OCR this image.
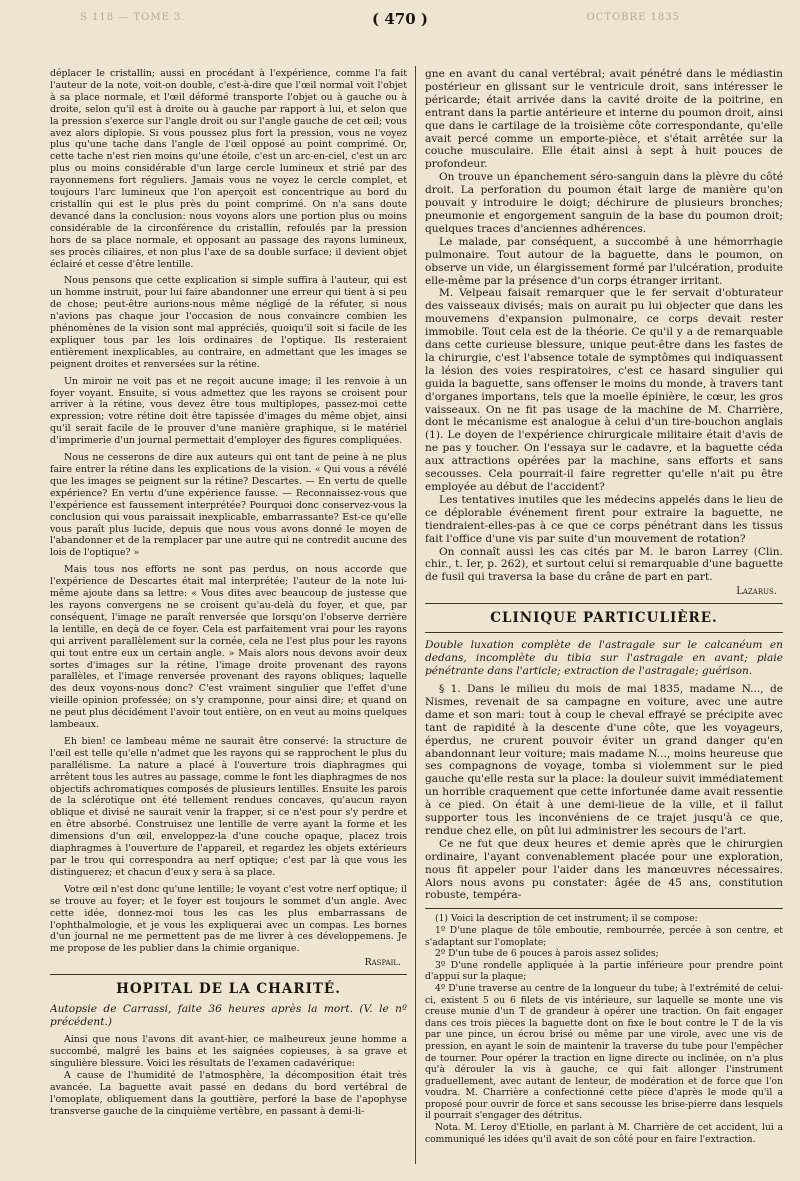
S 118 — TOME 3.	OCTOBRE 1835
( 470 )

déplacer le cristallin; aussi en procédant à l'expérience, comme l'a fait l'auteur de la note, voit-on double, c'est-à-dire que l'œil normal voit l'objet à sa place normale, et l'œil déformé transporte l'objet ou à gauche ou à droite, selon qu'il est à droite ou à gauche par rapport à lui, et selon que la pression s'exerce sur l'angle droit ou sur l'angle gauche de cet œil; vous avez alors diplopie. Si vous poussez plus fort la pression, vous ne voyez plus qu'une tache dans l'angle de l'œil opposé au point comprimé. Or, cette tache n'est rien moins qu'une étoile, c'est un arc-en-ciel, c'est un arc plus ou moins considérable d'un large cercle lumineux et strié par des rayonnemens fort réguliers. Jamais vous ne voyez le cercle complet, et toujours l'arc lumineux que l'on aperçoit est concentrique au bord du cristallin qui est le plus près du point comprimé. On n'a sans doute devancé dans la conclusion: nous voyons alors une portion plus ou moins considérable de la circonférence du cristallin, refoulés par la pression hors de sa place normale, et opposant au passage des rayons lumineux, ses procès ciliaires, et non plus l'axe de sa double surface; il devient objet éclairé et cesse d'être lentille.

Nous pensons que cette explication si simple suffira à l'auteur, qui est un homme instruit, pour lui faire abandonner une erreur qui tient à si peu de chose; peut-être aurions-nous même négligé de la réfuter, si nous n'avions pas chaque jour l'occasion de nous convaincre combien les phénomènes de la vision sont mal appréciés, quoiqu'il soit si facile de les expliquer tous par les lois ordinaires de l'optique. Ils resteraient entièrement inexplicables, au contraire, en admettant que les images se peignent droites et renversées sur la rétine.

Un miroir ne voit pas et ne reçoit aucune image; il les renvoie à un foyer voyant. Ensuite, si vous admettez que les rayons se croisent pour arriver à la rétine, vous devez être tous multiplopes, passez-moi cette expression; votre rétine doit être tapissée d'images du même objet, ainsi qu'il serait facile de le prouver d'une manière graphique, si le matériel d'imprimerie d'un journal permettait d'employer des figures compliquées.

Nous ne cesserons de dire aux auteurs qui ont tant de peine à ne plus faire entrer la rétine dans les explications de la vision. « Qui vous a révélé que les images se peignent sur la rétine? Descartes. — En vertu de quelle expérience? En vertu d'une expérience fausse. — Reconnaissez-vous que l'expérience est faussement interprétée? Pourquoi donc conservez-vous la conclusion qui vous paraissait inexplicable, embarrassante? Est-ce qu'elle vous paraît plus lucide, depuis que nous vous avons donné le moyen de l'abandonner et de la remplacer par une autre qui ne contredit aucune des lois de l'optique? »

Mais tous nos efforts ne sont pas perdus, on nous accorde que l'expérience de Descartes était mal interprétée; l'auteur de la note lui-même ajoute dans sa lettre: « Vous dites avec beaucoup de justesse que les rayons convergens ne se croisent qu'au-delà du foyer, et que, par conséquent, l'image ne paraît renversée que lorsqu'on l'observe derrière la lentille, en deçà de ce foyer. Cela est parfaitement vrai pour les rayons qui arrivent parallèlement sur la cornée, cela ne l'est plus pour les rayons qui tout entre eux un certain angle. » Mais alors nous devons avoir deux sortes d'images sur la rétine, l'image droite provenant des rayons parallèles, et l'image renversée provenant des rayons obliques; laquelle des deux voyons-nous donc? C'est vraiment singulier que l'effet d'une vieille opinion professée; on s'y cramponne, pour ainsi dire; et quand on ne peut plus décidément l'avoir tout entière, on en veut au moins quelques lambeaux.

Eh bien! ce lambeau même ne saurait être conservé: la structure de l'œil est telle qu'elle n'admet que les rayons qui se rapprochent le plus du parallélisme. La nature a placé à l'ouverture trois diaphragmes qui arrêtent tous les autres au passage, comme le font les diaphragmes de nos objectifs achromatiques composés de plusieurs lentilles. Ensuite les parois de la sclérotique ont été tellement rendues concaves, qu'aucun rayon oblique et divisé ne saurait venir la frapper, si ce n'est pour s'y perdre et en être absorbé. Construisez une lentille de verre ayant la forme et les dimensions d'un œil, enveloppez-la d'une couche opaque, placez trois diaphragmes à l'ouverture de l'appareil, et regardez les objets extérieurs par le trou qui correspondra au nerf optique; c'est par là que vous les distinguerez; et chacun d'eux y sera à sa place.

Votre œil n'est donc qu'une lentille; le voyant c'est votre nerf optique; il se trouve au foyer; et le foyer est toujours le sommet d'un angle. Avec cette idée, donnez-moi tous les cas les plus embarrassans de l'ophthalmologie, et je vous les expliquerai avec un compas. Les bornes d'un journal ne me permettent pas de me livrer à ces développemens. Je me propose de les publier dans la chimie organique.

Raspail.
HOPITAL DE LA CHARITÉ.

Autopsie de Carrassi, faite 36 heures après la mort. (V. le nº précédent.)

Ainsi que nous l'avons dit avant-hier, ce malheureux jeune homme a succombé, malgré les bains et les saignées copieuses, à sa grave et singulière blessure. Voici les résultats de l'examen cadavérique:

A cause de l'humidité de l'atmosphère, la décomposition était très avancée. La baguette avait passé en dedans du bord vertébral de l'omoplate, obliquement dans la gouttière, perforé la base de l'apophyse transverse gauche de la cinquième vertèbre, en passant à demi-li-

gne en avant du canal vertébral; avait pénétré dans le médiastin postérieur en glissant sur le ventricule droit, sans intéresser le péricarde; était arrivée dans la cavité droite de la poitrine, en entrant dans la partie antérieure et interne du poumon droit, ainsi que dans le cartilage de la troisième côte correspondante, qu'elle avait percé comme un emporte-pièce, et s'était arrêtée sur la couche musculaire. Elle était ainsi à sept à huit pouces de profondeur.

On trouve un épanchement séro-sanguin dans la plèvre du côté droit. La perforation du poumon était large de manière qu'on pouvait y introduire le doigt; déchirure de plusieurs bronches; pneumonie et engorgement sanguin de la base du poumon droit; quelques traces d'anciennes adhérences.

Le malade, par conséquent, a succombé à une hémorrhagie pulmonaire. Tout autour de la baguette, dans le poumon, on observe un vide, un élargissement formé par l'ulcération, produite elle-même par la présence d'un corps étranger irritant.

M. Velpeau faisait remarquer que le fer servait d'obturateur des vaisseaux divisés; mais on aurait pu lui objecter que dans les mouvemens d'expansion pulmonaire, ce corps devait rester immobile. Tout cela est de la théorie. Ce qu'il y a de remarquable dans cette curieuse blessure, unique peut-être dans les fastes de la chirurgie, c'est l'absence totale de symptômes qui indiquassent la lésion des voies respiratoires, c'est ce hasard singulier qui guida la baguette, sans offenser le moins du monde, à travers tant d'organes importans, tels que la moelle épinière, le cœur, les gros vaisseaux. On ne fit pas usage de la machine de M. Charrière, dont le mécanisme est analogue à celui d'un tire-bouchon anglais (1). Le doyen de l'expérience chirurgicale militaire était d'avis de ne pas y toucher. On l'essaya sur le cadavre, et la baguette céda aux attractions opérées par la machine, sans efforts et sans secousses. Cela pourrait-il faire regretter qu'elle n'ait pu être employée au début de l'accident?

Les tentatives inutiles que les médecins appelés dans le lieu de ce déplorable événement firent pour extraire la baguette, ne tiendraient-elles-pas à ce que ce corps pénétrant dans les tissus fait l'office d'une vis par suite d'un mouvement de rotation?

On connaît aussi les cas cités par M. le baron Larrey (Clin. chir., t. Ier, p. 262), et surtout celui si remarquable d'une baguette de fusil qui traversa la base du crâne de part en part.

Lazarus.
CLINIQUE PARTICULIÈRE.

Double luxation complète de l'astragale sur le calcanéum en dedans, incomplète du tibia sur l'astragale en avant; plaie pénétrante dans l'article; extraction de l'astragale; guérison.

§ 1. Dans le milieu du mois de mai 1835, madame N..., de Nismes, revenait de sa campagne en voiture, avec une autre dame et son mari: tout à coup le cheval effrayé se précipite avec tant de rapidité à la descente d'une côte, que les voyageurs, éperdus, ne crurent pouvoir éviter un grand danger qu'en abandonnant leur voiture; mais madame N..., moins heureuse que ses compagnons de voyage, tomba si violemment sur le pied gauche qu'elle resta sur la place: la douleur suivit immédiatement un horrible craquement que cette infortunée dame avait ressentie à ce pied. On était à une demi-lieue de la ville, et il fallut supporter tous les inconvéniens de ce trajet jusqu'à ce que, rendue chez elle, on pût lui administrer les secours de l'art.

Ce ne fut que deux heures et demie après que le chirurgien ordinaire, l'ayant convenablement placée pour une exploration, nous fit appeler pour l'aider dans les manœuvres nécessaires. Alors nous avons pu constater: âgée de 45 ans, constitution robuste, tempéra-

(1) Voici la description de cet instrument; il se compose:

1º D'une plaque de tôle emboutie, rembourrée, percée à son centre, et s'adaptant sur l'omoplate;

2º D'un tube de 6 pouces à parois assez solides;

3º D'une rondelle appliquée à la partie inférieure pour prendre point d'appui sur la plaque;

4º D'une traverse au centre de la longueur du tube; à l'extrémité de celui-ci, existent 5 ou 6 filets de vis intérieure, sur laquelle se monte une vis creuse munie d'un T de grandeur à opérer une traction. On fait engager dans ces trois pièces la baguette dont on fixe le bout contre le T de la vis par une pince, un écrou brisé ou même par une virole, avec une vis de pression, en ayant le soin de maintenir la traverse du tube pour l'empêcher de tourner. Pour opérer la traction en ligne directe ou inclinée, on n'a plus qu'à dérouler la vis à gauche, ce qui fait allonger l'instrument graduellement, avec autant de lenteur, de modération et de force que l'on voudra. M. Charrière a confectionné cette pièce d'après le mode qu'il a proposé pour ouvrir de force et sans secousse les brise-pierre dans lesquels il pourrait s'engager des détritus.

Nota. M. Leroy d'Etiolle, en parlant à M. Charrière de cet accident, lui a communiqué les idées qu'il avait de son côté pour en faire l'extraction.
